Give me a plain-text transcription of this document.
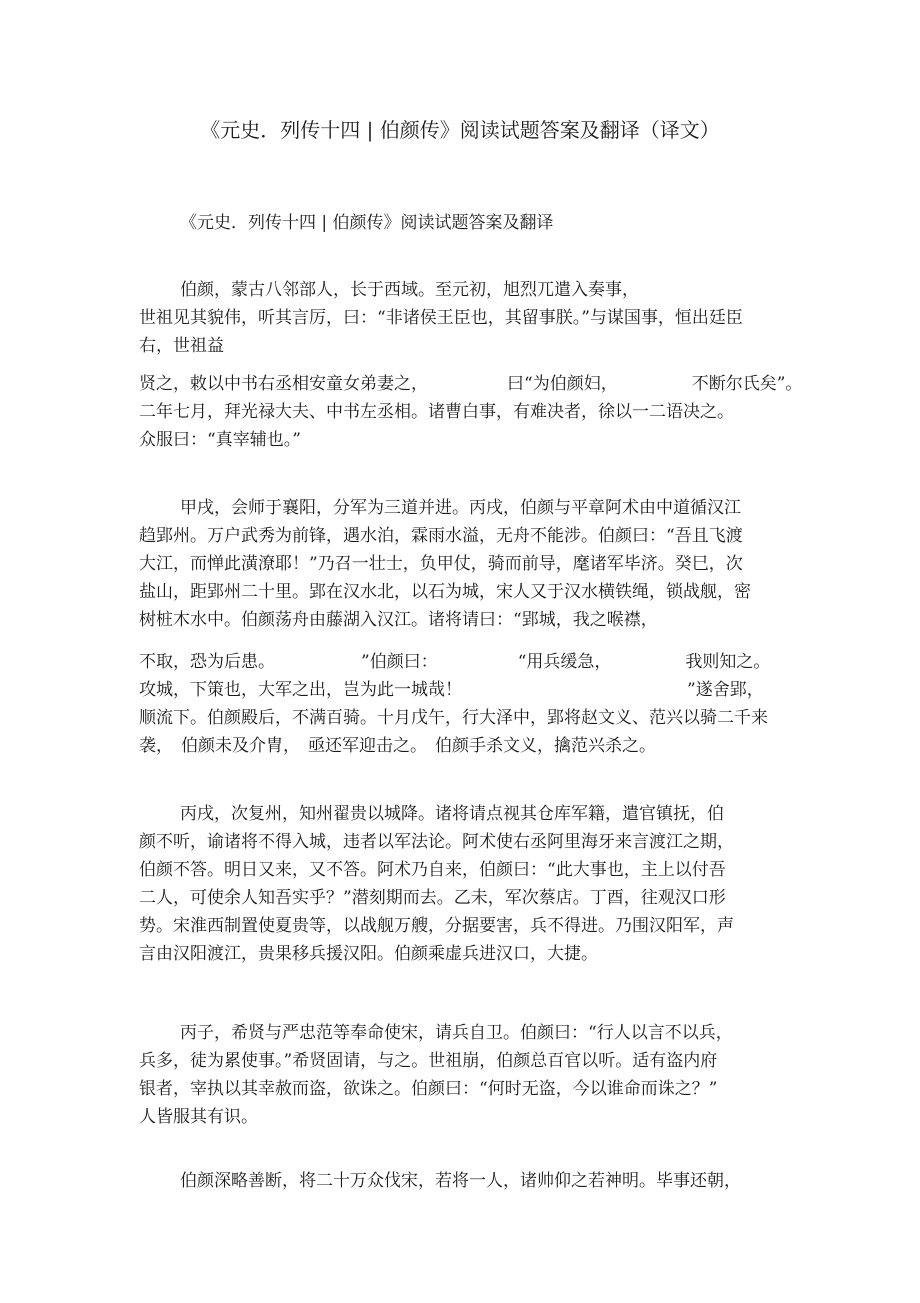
《元史．列传十四 | 伯颜传》阅读试题答案及翻译（译文）
《元史．列传十四 | 伯颜传》阅读试题答案及翻译
伯颜，蒙古八邻部人，长于西域。至元初，旭烈兀遣入奏事，
世祖见其貌伟，听其言厉，曰：“非诸侯王臣也，其留事朕。”与谋国事，恒出廷臣
右，世祖益
贤之，敕以中书右丞相安童女弟妻之，	曰“为伯颜妇，	不断尔氏矣”。
二年七月，拜光禄大夫、中书左丞相。诸曹白事，有难决者，徐以一二语决之。
众服曰：“真宰辅也。”
甲戌，会师于襄阳，分军为三道并进。丙戌，伯颜与平章阿术由中道循汉江
趋郢州。万户武秀为前锋，遇水泊，霖雨水溢，无舟不能涉。伯颜曰：“吾且飞渡
大江，而惮此潢潦耶！”乃召一壮士，负甲仗，骑而前导，麾诸军毕济。癸巳，次
盐山，距郢州二十里。郢在汉水北，以石为城，宋人又于汉水横铁绳，锁战舰，密
树桩木水中。伯颜荡舟由藤湖入汉江。诸将请曰：“郢城，我之喉襟，
不取，恐为后患。	”伯颜曰：	“用兵缓急，	我则知之。
攻城，下策也，大军之出，岂为此一城哉！	”遂舍郢，
顺流下。伯颜殿后，不满百骑。十月戊午，行大泽中，郢将赵文义、范兴以骑二千来
袭， 伯颜未及介胄， 亟还军迎击之。 伯颜手杀文义，擒范兴杀之。
丙戌，次复州，知州翟贵以城降。诸将请点视其仓库军籍，遣官镇抚，伯
颜不听，谕诸将不得入城，违者以军法论。阿术使右丞阿里海牙来言渡江之期，
伯颜不答。明日又来，又不答。阿术乃自来，伯颜曰：“此大事也，主上以付吾
二人，可使余人知吾实乎？”潜刻期而去。乙未，军次蔡店。丁酉，往观汉口形
势。宋淮西制置使夏贵等，以战舰万艘，分据要害，兵不得进。乃围汉阳军，声
言由汉阳渡江，贵果移兵援汉阳。伯颜乘虚兵进汉口，大捷。
丙子，希贤与严忠范等奉命使宋，请兵自卫。伯颜曰：“行人以言不以兵，
兵多，徒为累使事。”希贤固请，与之。世祖崩，伯颜总百官以听。适有盗内府
银者，宰执以其幸赦而盗，欲诛之。伯颜曰：“何时无盗，今以谁命而诛之？”
人皆服其有识。
伯颜深略善断，将二十万众伐宋，若将一人，诸帅仰之若神明。毕事还朝，
